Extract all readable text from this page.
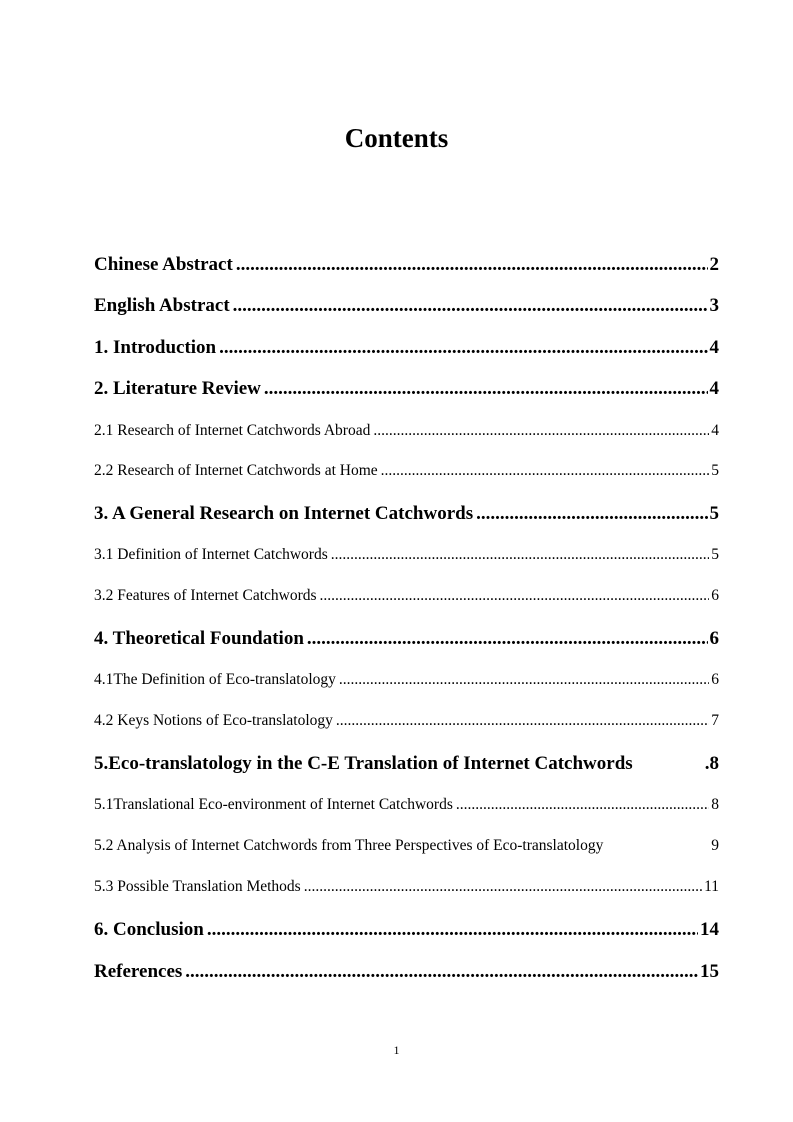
Contents
Chinese Abstract .....	2
English Abstract .....	3
1. Introduction .....	4
2. Literature Review .....	4
2.1 Research of Internet Catchwords Abroad .....	4
2.2 Research of Internet Catchwords at Home .....	5
3. A General Research on Internet Catchwords .....	5
3.1 Definition of Internet Catchwords .....	5
3.2 Features of Internet Catchwords .....	6
4. Theoretical Foundation .....	6
4.1The Definition of Eco-translatology .....	6
4.2 Keys Notions of Eco-translatology .....	7
5.Eco-translatology in the C-E Translation of Internet Catchwords	.8
5.1Translational Eco-environment of Internet Catchwords .....	8
5.2 Analysis of Internet Catchwords from Three Perspectives of Eco-translatology	9
5.3 Possible Translation Methods .....	11
6. Conclusion .....	14
References .....	15
1
